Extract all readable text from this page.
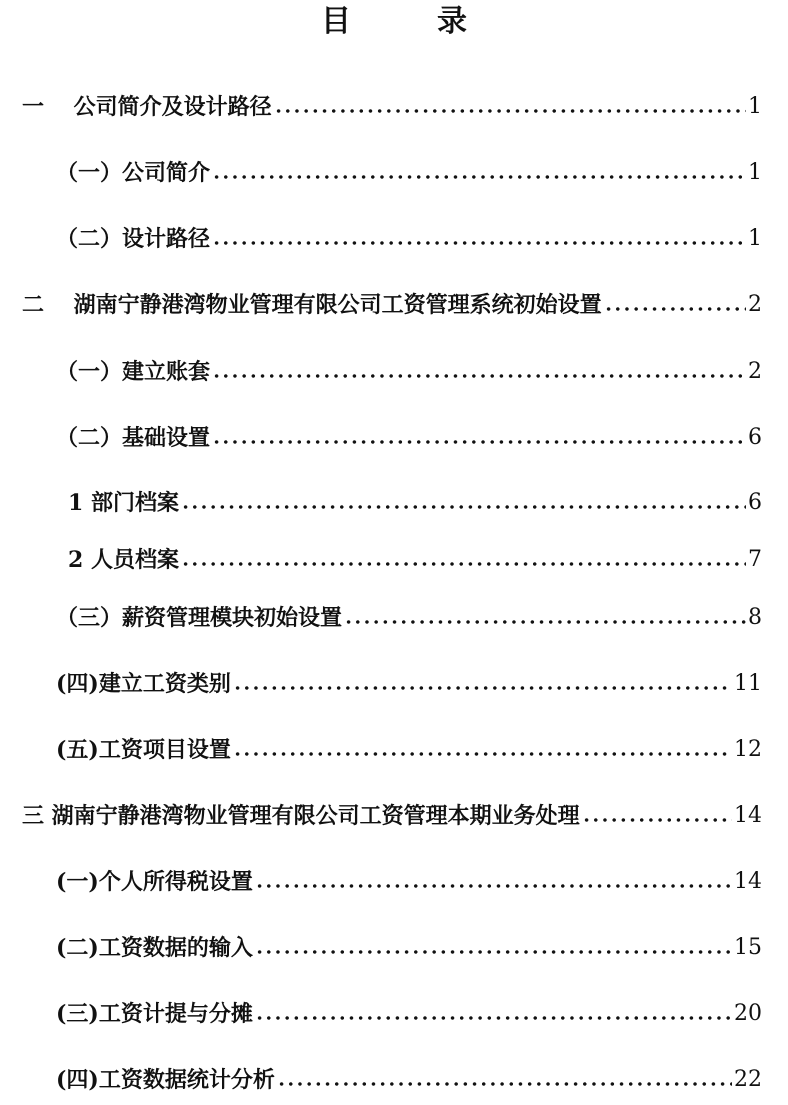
目　录
一　 公司简介及设计路径	1
（一）公司简介	1
（二）设计路径	1
二　 湖南宁静港湾物业管理有限公司工资管理系统初始设置	2
（一）建立账套	2
（二）基础设置	6
1 部门档案	6
2 人员档案	7
（三）薪资管理模块初始设置	8
(四)建立工资类别	11
(五)工资项目设置	12
三 湖南宁静港湾物业管理有限公司工资管理本期业务处理	14
(一)个人所得税设置	14
(二)工资数据的输入	15
(三)工资计提与分摊	20
(四)工资数据统计分析	22
